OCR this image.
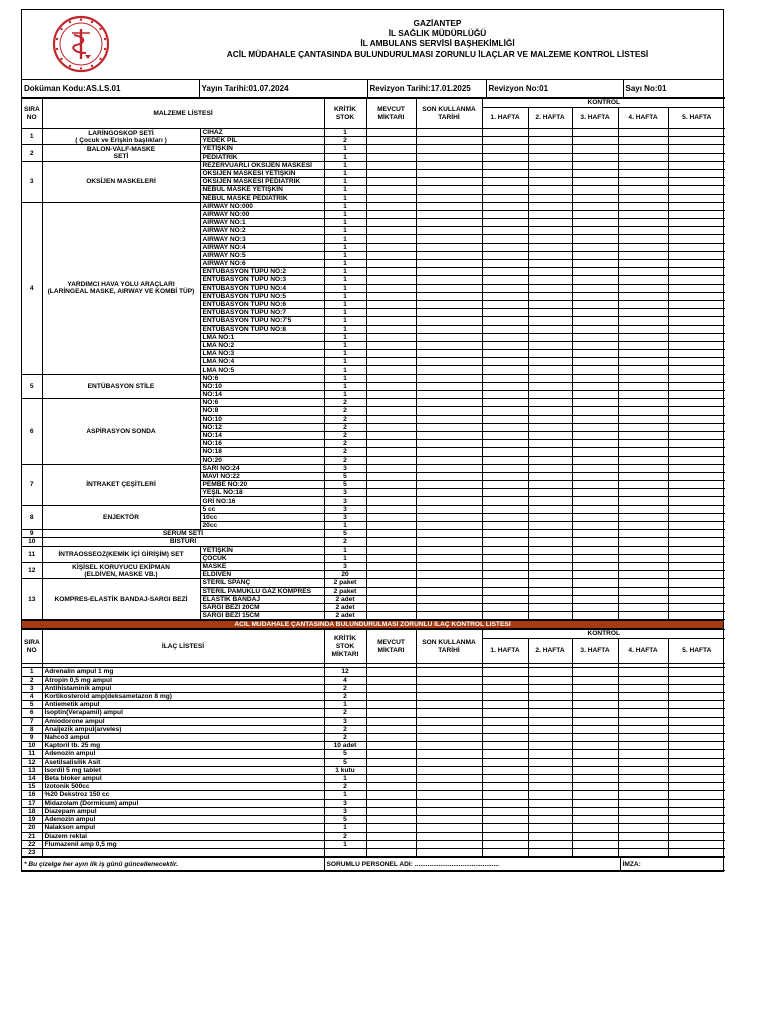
GAZİANTEP
İL SAĞLIK MÜDÜRLÜĞÜ
İL AMBULANS SERVİSİ BAŞHEKİMLİĞİ
ACİL MÜDAHALE ÇANTASINDA BULUNDURULMASI ZORUNLU İLAÇLAR VE MALZEME KONTROL LİSTESİ
Doküman Kodu:AS.LS.01	Yayın Tarihi:01.07.2024	Revizyon Tarihi:17.01.2025	Revizyon No:01	Sayı No:01
SIRA NO	MALZEME LİSTESİ		KRİTİK STOK	MEVCUT MİKTARI	SON KULLANMA TARİHİ	KONTROL				
						1. HAFTA	2. HAFTA	3. HAFTA	4. HAFTA	5. HAFTA
1	LARİNGOSKOP SETİ
( Çocuk ve Erişkin başlıkları )	CİHAZ	1							
		YEDEK PİL	2							
2	BALON-VALF-MASKE
SETİ	YETİŞKİN	1							
		PEDİATRİK	1							
3	OKSİJEN MASKELERİ	REZERVUARLI OKSİJEN MASKESİ	1							
		OKSİJEN MASKESİ YETİŞKİN	1							
		OKSİJEN MASKESİ PEDİATRİK	1							
		NEBUL MASKE YETİŞKİN	1							
		NEBUL MASKE PEDİATRİK	1							
4	YARDIMCI HAVA YOLU ARAÇLARI
(LARİNGEAL MASKE, AIRWAY VE KOMBİ TÜP)	AIRWAY NO:000	1							
		AIRWAY NO:00	1							
		AIRWAY NO:1	1							
		AIRWAY NO:2	1							
		AIRWAY NO:3	1							
		AIRWAY NO:4	1							
		AIRWAY NO:5	1							
		AIRWAY NO:6	1							
		ENTÜBASYON TÜPÜ NO:2	1							
		ENTÜBASYON TÜPÜ NO:3	1							
		ENTÜBASYON TÜPÜ NO:4	1							
		ENTÜBASYON TÜPÜ NO:5	1							
		ENTÜBASYON TÜPÜ NO:6	1							
		ENTÜBASYON TÜPÜ NO:7	1							
		ENTÜBASYON TÜPÜ NO:7'5	1							
		ENTÜBASYON TÜPÜ NO:8	1							
		LMA NO:1	1							
		LMA NO:2	1							
		LMA NO:3	1							
		LMA NO:4	1							
		LMA NO:5	1							
5	ENTÜBASYON STİLE	NO:6	1							
		NO:10	1							
		NO:14	1							
6	ASPİRASYON SONDA	NO:6	2							
		NO:8	2							
		NO:10	2							
		NO:12	2							
		NO:14	2							
		NO:16	2							
		NO:18	2							
		NO:20	2							
7	İNTRAKET ÇEŞİTLERİ	SARI NO:24	3							
		MAVİ NO:22	5							
		PEMBE NO:20	5							
		YEŞİL NO:18	3							
		GRİ NO:16	3							
8	ENJEKTÖR	5 cc	3							
		10cc	3							
		20cc	1							
9	SERUM SETİ		5							
10	BISTURI		2							
11	İNTRAOSSEOZ(KEMİK İÇİ GİRİŞİM) SET	YETİŞKİN	1							
		ÇOCUK	1							
12	KİŞİSEL KORUYUCU EKİPMAN
(ELDİVEN, MASKE VB.)	MASKE	3							
		ELDİVEN	20							
13	KOMPRES-ELASTİK BANDAJ-SARGI BEZİ	STERİL SPANÇ	2 paket							
		STERİL PAMUKLU GAZ KOMPRES	2 paket							
		ELASTİK BANDAJ	2 adet							
		SARGI BEZİ 20CM	2 adet							
		SARGI BEZİ 15CM	2 adet							
ACİL MÜDAHALE ÇANTASINDA BULUNDURULMASI ZORUNLU İLAÇ KONTROL LİSTESİ
SIRA NO	İLAÇ LİSTESİ	KRİTİK STOK MİKTARI	MEVCUT MİKTARI	SON KULLANMA TARİHİ	KONTROL				
					1. HAFTA	2. HAFTA	3. HAFTA	4. HAFTA	5. HAFTA

1	Adrenalin ampul 1 mg	12							
2	Atropin 0,5 mg ampul	4							
3	Antihistaminik ampul	2							
4	Kortikosteroid amp(deksametazon 8 mg)	2							
5	Antiemetik ampul	1							
6	İsoptin(Verapamil) ampul	2							
7	Amiodorone ampul	3							
8	Analjezik ampul(arveles)	2							
9	Nahco3 ampul	2							
10	Kaptoril tb. 25 mg	10 adet							
11	Adenozin ampul	5							
12	Asetilsalisilik Asit	5							
13	İsordil 5 mg tablet	1 kutu							
14	Beta bloker ampul	1							
15	İzotonik 500cc	2							
16	%20 Dekstroz 150 cc	1							
17	Midazolam (Dormicum) ampul	3							
18	Diazepam ampul	3							
19	Adenozin ampul	5							
20	Nalakson ampul	1							
21	Diazem rektal	2							
22	Flumazenil amp 0,5 mg	1							
23									
* Bu çizelge her ayın ilk iş günü güncellenecektir.	SORUMLU PERSONEL ADI: ..............................................	İMZA:
